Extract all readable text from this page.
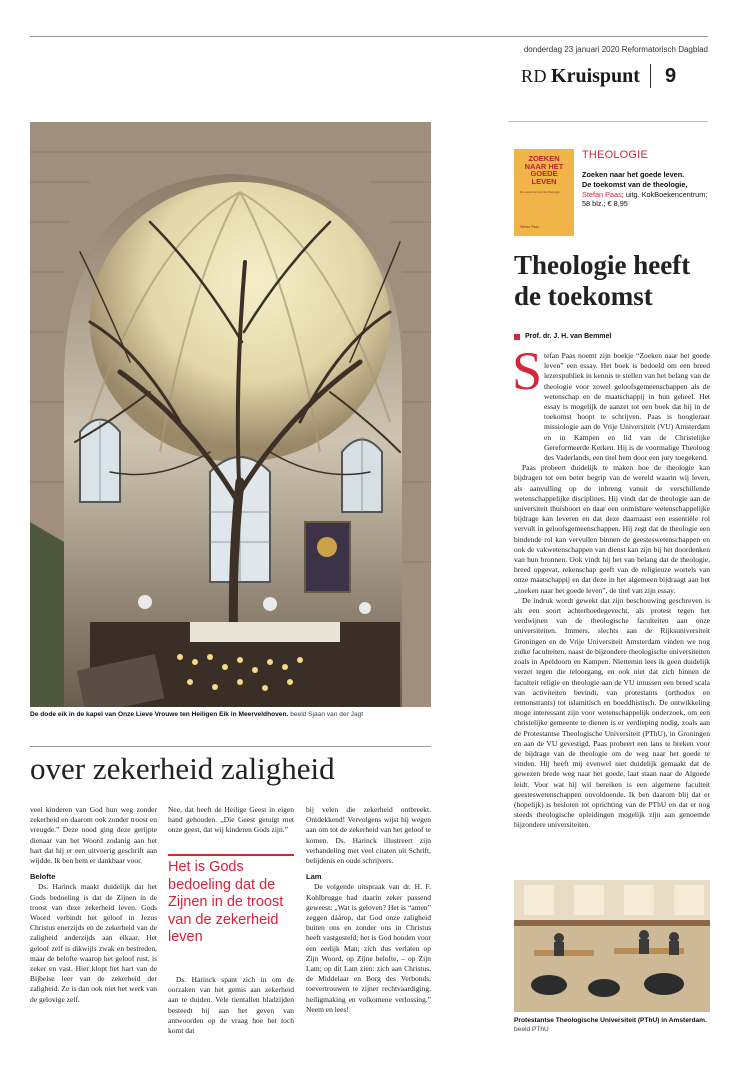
donderdag 23 januari 2020 Reformatorisch Dagblad
RD Kruispunt 9
De dode eik in de kapel van Onze Lieve Vrouwe ten Heiligen Eik in Meerveldhoven. beeld Sjaan van der Jagt
over zekerheid zaligheid

veel kinderen van God hun weg zonder zekerheid en daarom ook zonder troost en vreugde.” Deze nood ging deze gerijpte dienaar van het Woord zodanig aan het hart dat hij er een uitvoerig geschrift aan wijdde. Ik ben hem er dankbaar voor.

Belofte

Ds. Harinck maakt duidelijk dat het Gods bedoeling is dat de Zijnen in de troost van deze zekerheid leven. Gods Woord verbindt het geloof in Jezus Christus enerzijds en de zekerheid van de zaligheid anderzijds aan elkaar. Het geloof zelf is dikwijls zwak en bestreden, maar de belofte waarop het geloof rust, is zeker en vast. Hier klopt het hart van de Bijbelse leer van de zekerheid der zaligheid. Ze is dan ook niet het werk van de gelovige zelf.

Nee, dat heeft de Heilige Geest in eigen hand gehouden. „Die Geest getuigt met onze geest, dat wij kinderen Gods zijn.”

Het is Gods bedoeling dat de Zijnen in de troost van de zekerheid leven

Ds. Harinck spant zich in om de oorzaken van het gemis aan zekerheid aan te duiden. Vele tientallen bladzijden besteedt hij aan het geven van antwoorden op de vraag hoe het toch komt dat

bij velen die zekerheid ontbreekt. Ontdekkend! Vervolgens wijst hij wegen aan om tot de zekerheid van het geloof te komen. Ds. Harinck illustreert zijn verhandeling met veel citaten uit Schrift, belijdenis en oude schrijvers.

Lam

De volgende uitspraak van dr. H. F. Kohlbrugge had daarin zeker passend geweest: „Wat is geloven? Het is “amen” zeggen dáárop, dat God onze zaligheid buiten ons en zonder ons in Christus heeft vastgesteld; het is God houden voor een eerlijk Man; zich dus verlaten op Zijn Woord, op Zijne belofte, – op Zijn Lam; op dit Lam zien: zich aan Christus, de Middelaar en Borg des Verbonds, toevertrouwen te zijner rechtvaardiging, heiligmaking en volkomene verlossing.” Neem en lees!

ZOEKEN NAAR HET GOEDE LEVEN
De toekomst van de theologie
Stefan Paas
THEOLOGIE
Zoeken naar het goede leven.
De toekomst van de theologie, Stefan Paas; uitg. KokBoekencentrum; 58 blz.; € 8,95
Theologie heeft de toekomst
Prof. dr. J. H. van Bemmel
S tefan Paas noemt zijn boekje “Zoeken naar het goede leven” een essay. Het boek is bedoeld om een breed lezerspubliek in kennis te stellen van het belang van de theologie voor zowel geloofsgemeenschappen als de wetenschap en de maatschappij in hun geheel. Het essay is mogelijk de aanzet tot een boek dat hij in de toekomst hoopt te schrijven. Paas is hoogleraar missiologie aan de Vrije Universiteit (VU) Amsterdam en in Kampen en lid van de Christelijke Gereformeerde Kerken. Hij is de voormalige Theoloog des Vaderlands, een titel hem door een jury toegekend.

Paas probeert duidelijk te maken hoe de theologie kan bijdragen tot een beter begrip van de wereld waarin wij leven, als aanvulling op de inbreng vanuit de verschillende wetenschappelijke disciplines. Hij vindt dat de theologie aan de universiteit thuishoort en daar een onmisbare wetenschappelijke bijdrage kan leveren en dat deze daarnaast een essentiële rol vervult in geloofsgemeenschappen. Hij zegt dat de theologie een bindende rol kan vervullen binnen de geesteswetenschappen en ook de vakwetenschappen van dienst kan zijn bij het doordenken van hun bronnen. Ook vindt hij het van belang dat de theologie, breed opgevat, rekenschap geeft van de religieuze wortels van onze maatschappij en dat deze in het algemeen bijdraagt aan het „zoeken naar het goede leven”, de titel van zijn essay.

De indruk wordt gewekt dat zijn beschouwing geschreven is als een soort achterhoedegevecht, als protest tegen het verdwijnen van de theologische faculteiten aan onze universiteiten. Immers, slechts aan de Rijksuniversiteit Groningen en de Vrije Universiteit Amsterdam vinden we nog zulke faculteiten, naast de bijzondere theologische universiteiten zoals in Apeldoorn en Kampen. Niettemin lees ik geen duidelijk verzet tegen die teloorgang, en ook niet dat zich binnen de faculteit religie en theologie aan de VU intussen een breed scala van activiteiten bevindt, van protestants (orthodox en remonstrants) tot islamitisch en boeddhistisch. De ontwikkeling moge interessant zijn voor wetenschappelijk onderzoek, om een christelijke gemeente te dienen is er verdieping nodig, zoals aan de Protestantse Theologische Universiteit (PThU), in Groningen en aan de VU gevestigd. Paas probeert een lans te breken voor de bijdrage van de theologie om de weg naar het goede te vinden. Hij heeft mij evenwel niet duidelijk gemaakt dat de gewezen brede weg naar het goede, laat staan naar de Algoede leidt. Voor wat hij wil bereiken is een algemene faculteit geesteswetenschappen onvoldoende. Ik ben daarom blij dat er (hopelijk) is besloten tot oprichting van de PThU en dat er nog steeds theologische opleidingen mogelijk zijn aan genoemde bijzondere universiteiten.

Protestantse Theologische Universiteit (PThU) in Amsterdam. beeld PThU
